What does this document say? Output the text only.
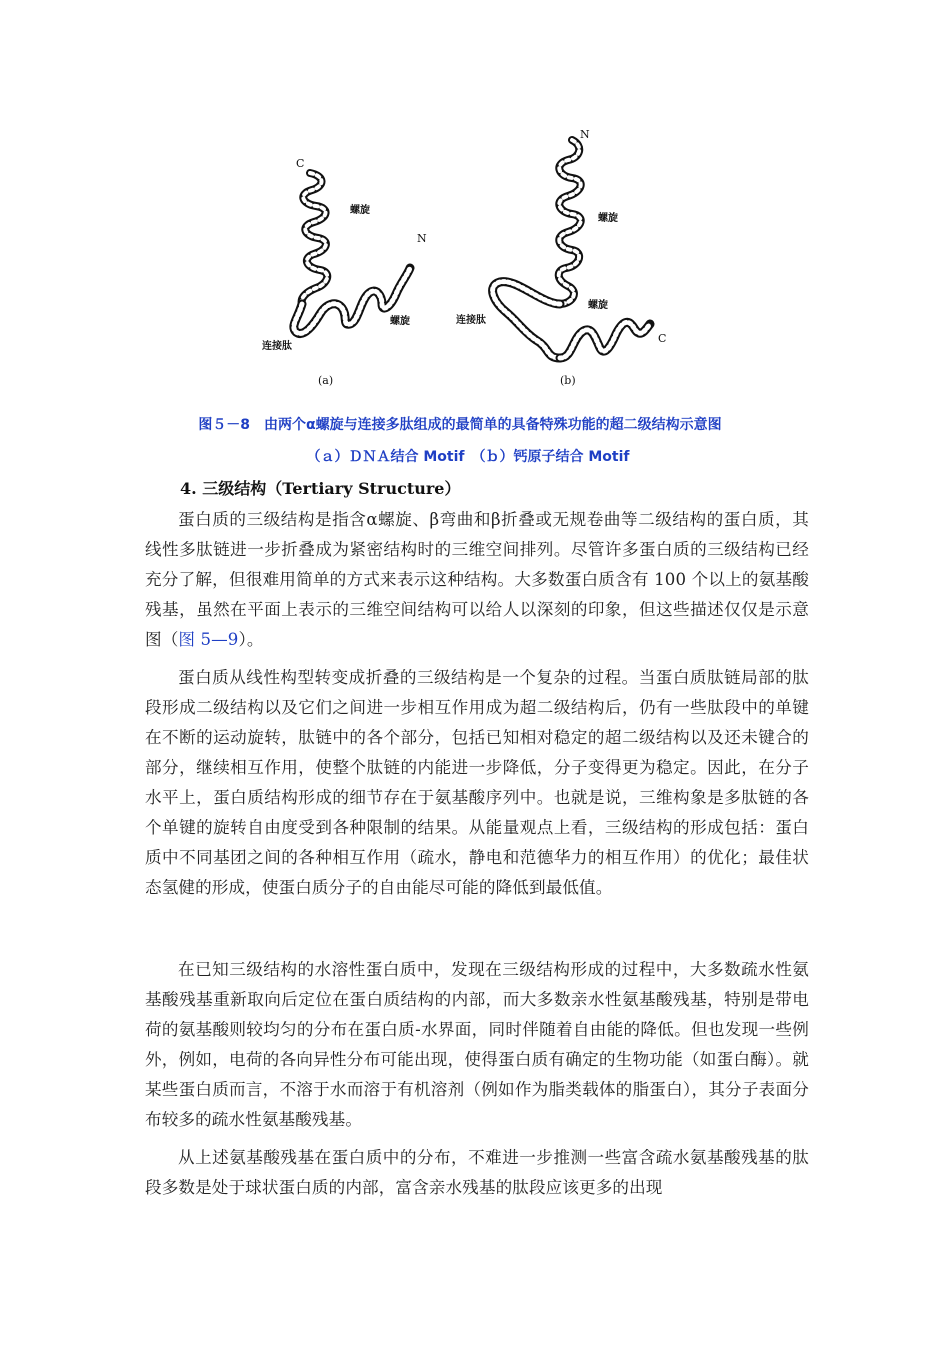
C
N
螺旋
螺旋
连接肽
(a)
N
C
螺旋
螺旋
连接肽
(b)
图５－8　由两个α螺旋与连接多肽组成的最简单的具备特殊功能的超二级结构示意图
（ａ）ＤＮＡ结合 Motif　（ｂ）钙原子结合 Motif
4. 三级结构（Tertiary Structure）

蛋白质的三级结构是指含α螺旋、β弯曲和β折叠或无规卷曲等二级结构的蛋白质，其线性多肽链进一步折叠成为紧密结构时的三维空间排列。尽管许多蛋白质的三级结构已经充分了解，但很难用简单的方式来表示这种结构。大多数蛋白质含有 100 个以上的氨基酸残基，虽然在平面上表示的三维空间结构可以给人以深刻的印象，但这些描述仅仅是示意图（图 5—9）。

蛋白质从线性构型转变成折叠的三级结构是一个复杂的过程。当蛋白质肽链局部的肽段形成二级结构以及它们之间进一步相互作用成为超二级结构后，仍有一些肽段中的单键在不断的运动旋转，肽链中的各个部分，包括已知相对稳定的超二级结构以及还未键合的部分，继续相互作用，使整个肽链的内能进一步降低，分子变得更为稳定。因此，在分子水平上，蛋白质结构形成的细节存在于氨基酸序列中。也就是说，三维构象是多肽链的各个单键的旋转自由度受到各种限制的结果。从能量观点上看，三级结构的形成包括：蛋白质中不同基团之间的各种相互作用（疏水，静电和范德华力的相互作用）的优化；最佳状态氢健的形成，使蛋白质分子的自由能尽可能的降低到最低值。

在已知三级结构的水溶性蛋白质中，发现在三级结构形成的过程中，大多数疏水性氨基酸残基重新取向后定位在蛋白质结构的内部，而大多数亲水性氨基酸残基，特别是带电荷的氨基酸则较均匀的分布在蛋白质-水界面，同时伴随着自由能的降低。但也发现一些例外，例如，电荷的各向异性分布可能出现，使得蛋白质有确定的生物功能（如蛋白酶）。就某些蛋白质而言，不溶于水而溶于有机溶剂（例如作为脂类载体的脂蛋白），其分子表面分布较多的疏水性氨基酸残基。

从上述氨基酸残基在蛋白质中的分布，不难进一步推测一些富含疏水氨基酸残基的肽段多数是处于球状蛋白质的内部，富含亲水残基的肽段应该更多的出现
